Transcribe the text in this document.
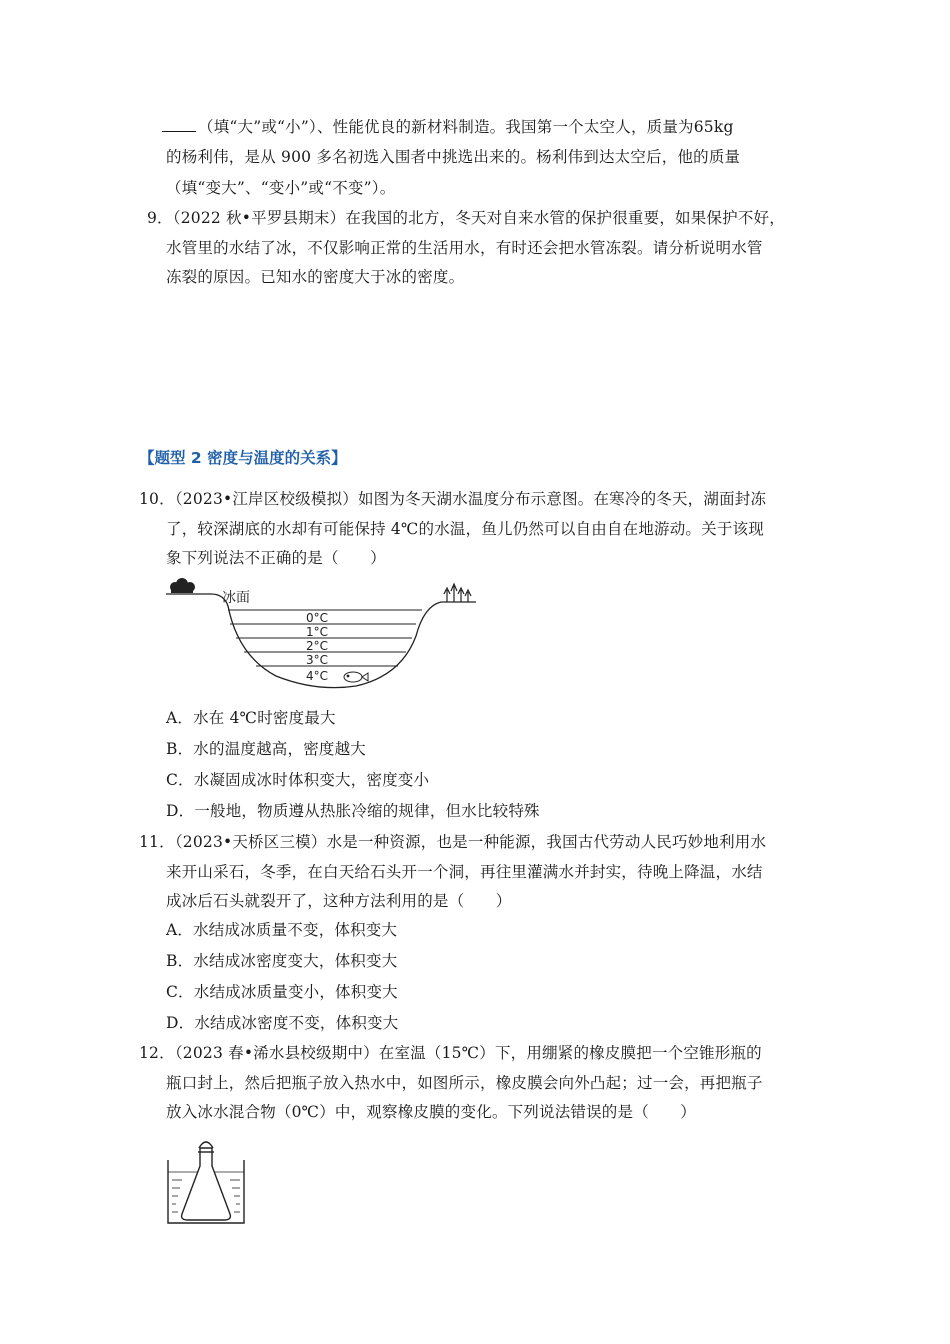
（填“大”或“小”）、性能优良的新材料制造。我国第一个太空人，质量为65kg
的杨利伟，是从 900 多名初选入围者中挑选出来的。杨利伟到达太空后，他的质量
（填“变大”、“变小”或“不变”）。
9．（2022 秋•平罗县期末）在我国的北方，冬天对自来水管的保护很重要，如果保护不好，
水管里的水结了冰，不仅影响正常的生活用水，有时还会把水管冻裂。请分析说明水管
冻裂的原因。已知水的密度大于冰的密度。
【题型 2 密度与温度的关系】
10．（2023•江岸区校级模拟）如图为冬天湖水温度分布示意图。在寒冷的冬天，湖面封冻
了，较深湖底的水却有可能保持 4℃的水温，鱼儿仍然可以自由自在地游动。关于该现
象下列说法不正确的是（　　）
冰面
0°C
1°C
2°C
3°C
4°C
A．水在 4℃时密度最大
B．水的温度越高，密度越大
C．水凝固成冰时体积变大，密度变小
D．一般地，物质遵从热胀冷缩的规律，但水比较特殊
11．（2023•天桥区三模）水是一种资源，也是一种能源，我国古代劳动人民巧妙地利用水
来开山采石，冬季，在白天给石头开一个洞，再往里灌满水并封实，待晚上降温，水结
成冰后石头就裂开了，这种方法利用的是（　　）
A．水结成冰质量不变，体积变大
B．水结成冰密度变大，体积变大
C．水结成冰质量变小，体积变大
D．水结成冰密度不变，体积变大
12．（2023 春•浠水县校级期中）在室温（15℃）下，用绷紧的橡皮膜把一个空锥形瓶的
瓶口封上，然后把瓶子放入热水中，如图所示，橡皮膜会向外凸起；过一会，再把瓶子
放入冰水混合物（0℃）中，观察橡皮膜的变化。下列说法错误的是（　　）
